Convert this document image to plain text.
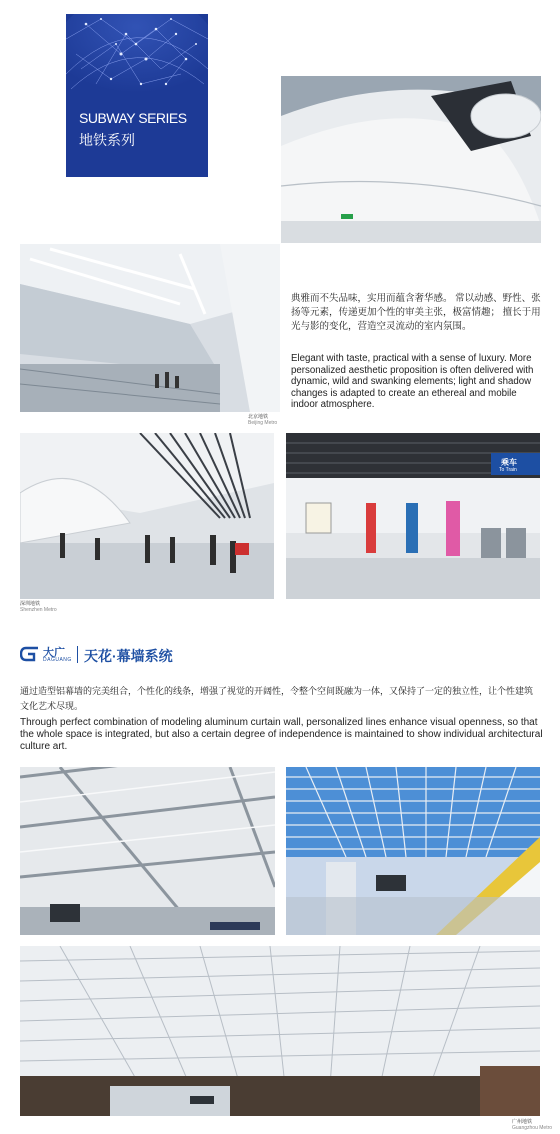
SUBWAY SERIES
地铁系列
北京地铁
Beijing Metro
典雅而不失品味，实用而蕴含奢华感。 常以动感、野性、张扬等元素，传递更加个性的审美主张，极富情趣； 擅长于用光与影的变化，营造空灵流动的室内氛围。
Elegant with taste, practical with a sense of luxury. More personalized aesthetic proposition is often delivered with dynamic, wild and swanking elements; light and shadow changes is adapted to create an ethereal and mobile indoor atmosphere.
深圳地铁
Shenzhen Metro
乘车
To Train
大广
DAGUANG 天花·幕墙系统
通过造型铝幕墙的完美组合，个性化的线条，增强了视觉的开阔性，令整个空间既融为一体，又保持了一定的独立性，让个性建筑文化艺术尽现。
Through perfect combination of modeling aluminum curtain wall, personalized lines enhance visual openness, so that the whole space is integrated, but also a certain degree of independence is maintained to show individual architectural culture art.
广州地铁
Guangzhou Metro
